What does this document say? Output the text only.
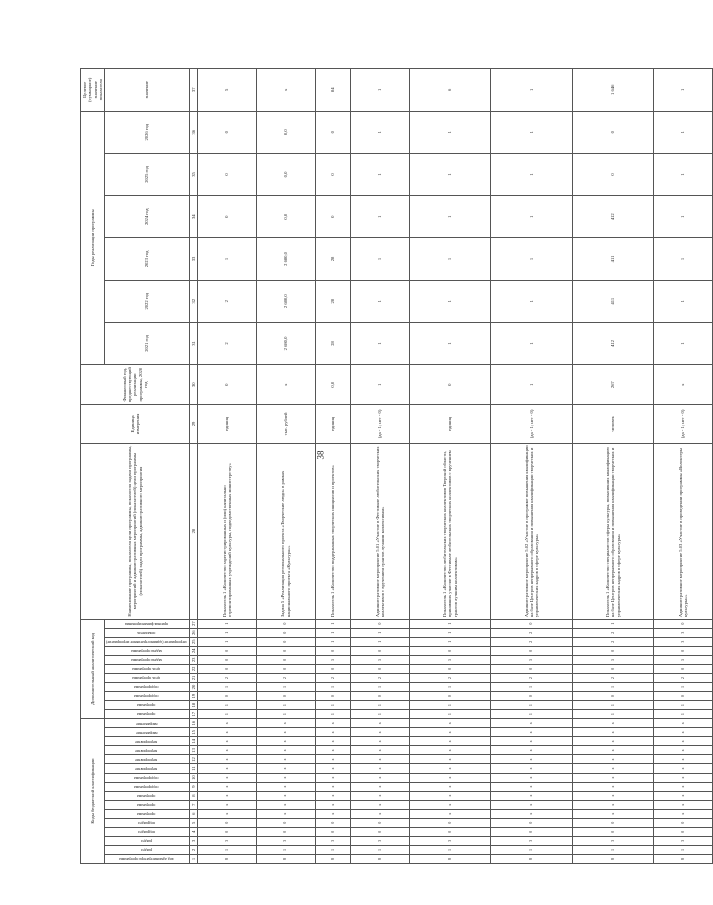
38
Коды бюджетной классификации																Дополнительный аналитический код											Наименование программы, показателя цели программы, показателя задачи программы, мероприятий и административных мероприятий (показателей) цели программы (показателей) задач программы, административного мероприятия	Единица измерения	Финансовый год, предшествующий реализации программы, 2020 год	Годы реализации программы						Целевое (суммарное) значение показателя
код администратора программы	раздел	раздел	подраздел	подраздел	программа	программа	программа	подпрограмма	подпрограмма	мероприятие	мероприятие	мероприятие	мероприятие	направление	направление	программа	программа	подпрограмма	подпрограмма	цель программы	цель программы	задача программы	задача программы	мероприятие (административное мероприятие)	показатель	признак финансирования				2021 год	2022 год	2023 год	2024 год	2025 год	2026 год	значение

1	2	3	4	5	6	7	8	9	10	11	12	13	14	15	16	17	18	19	20	21	22	23	24	25	26	27	28	29	30	31	32	33	34	35	36	37
8	1	3	0	0	x	x	x	x	x	x	x	x	x	x	x	1	1	0	1	2	0	0	0	1	1	1	Показатель 1 «Количество зарегистрированных и (или) капитально отремонтированных учреждений культуры, подведомственных министерству»	единиц	0	2	2	1	0	0	0	5
8	1	3	0	0	x	x	x	x	x	x	x	x	x	x	x	1	1	0	1	2	0	0	0	0	0	0	Задача 5 «Реализация регионального проекта «Творческие люди» в рамках национального проекта «Культура»»	тыс. рублей	x	2 680,0	2 680,0	2 680,0	0,0	0,0	0,0	x
8	1	3	0	0	x	x	x	x	x	x	x	x	x	x	x	1	1	0	1	2	0	5	0	1	1	1	Показатель 1 «Количество поддержанных творческих инициатив и проектов»	единиц	0,0	28	28	28	0	0	0	84
8	1	3	0	0	x	x	x	x	x	x	x	x	x	x	x	1	1	0	1	2	0	5	0	1	1	0	Административное мероприятие 5.01 «Участие в Фестивале любительских творческих коллективов с вручением грантов лучшим коллективам»	(да - 1; нет - 0)	1	1	1	1	1	1	1	1
8	1	3	0	0	x	x	x	x	x	x	x	x	x	x	x	1	1	0	1	2	0	5	0	1	1	1	Показатель 1 «Количество любительских творческих коллективов Тверской области, принявших участие в Фестивале любительских творческих коллективов с вручением грантов лучшим коллективам»	единиц	0	1	1	1	1	1	1	6
8	1	3	0	0	x	x	x	x	x	x	x	x	x	x	x	1	1	0	1	2	0	5	0	2	2	0	Административное мероприятие 5.02 «Участие в программе повышения квалификации на базе Центров непрерывного образования и повышения квалификации творческих и управленческих кадров в сфере культуры»	(да - 1; нет - 0)	1	1	1	1	1	1	1	1
8	1	3	0	0	x	x	x	x	x	x	x	x	x	x	x	1	1	0	1	2	0	5	0	2	2	1	Показатель 1 «Количество специалистов сферы культуры, повысивших квалификацию на базе Центров непрерывного образования и повышения квалификации творческих и управленческих кадров в сфере культуры»	человек	267	412	411	411	412	0	0	1 646
8	1	3	0	0	x	x	x	x	x	x	x	x	x	x	x	1	1	0	1	2	0	5	0	3	3	0	Административное мероприятие 5.03 «Участие в проведении программы «Волонтеры культуры»»	(да - 1; нет - 0)	x	1	1	1	1	1	1	1
